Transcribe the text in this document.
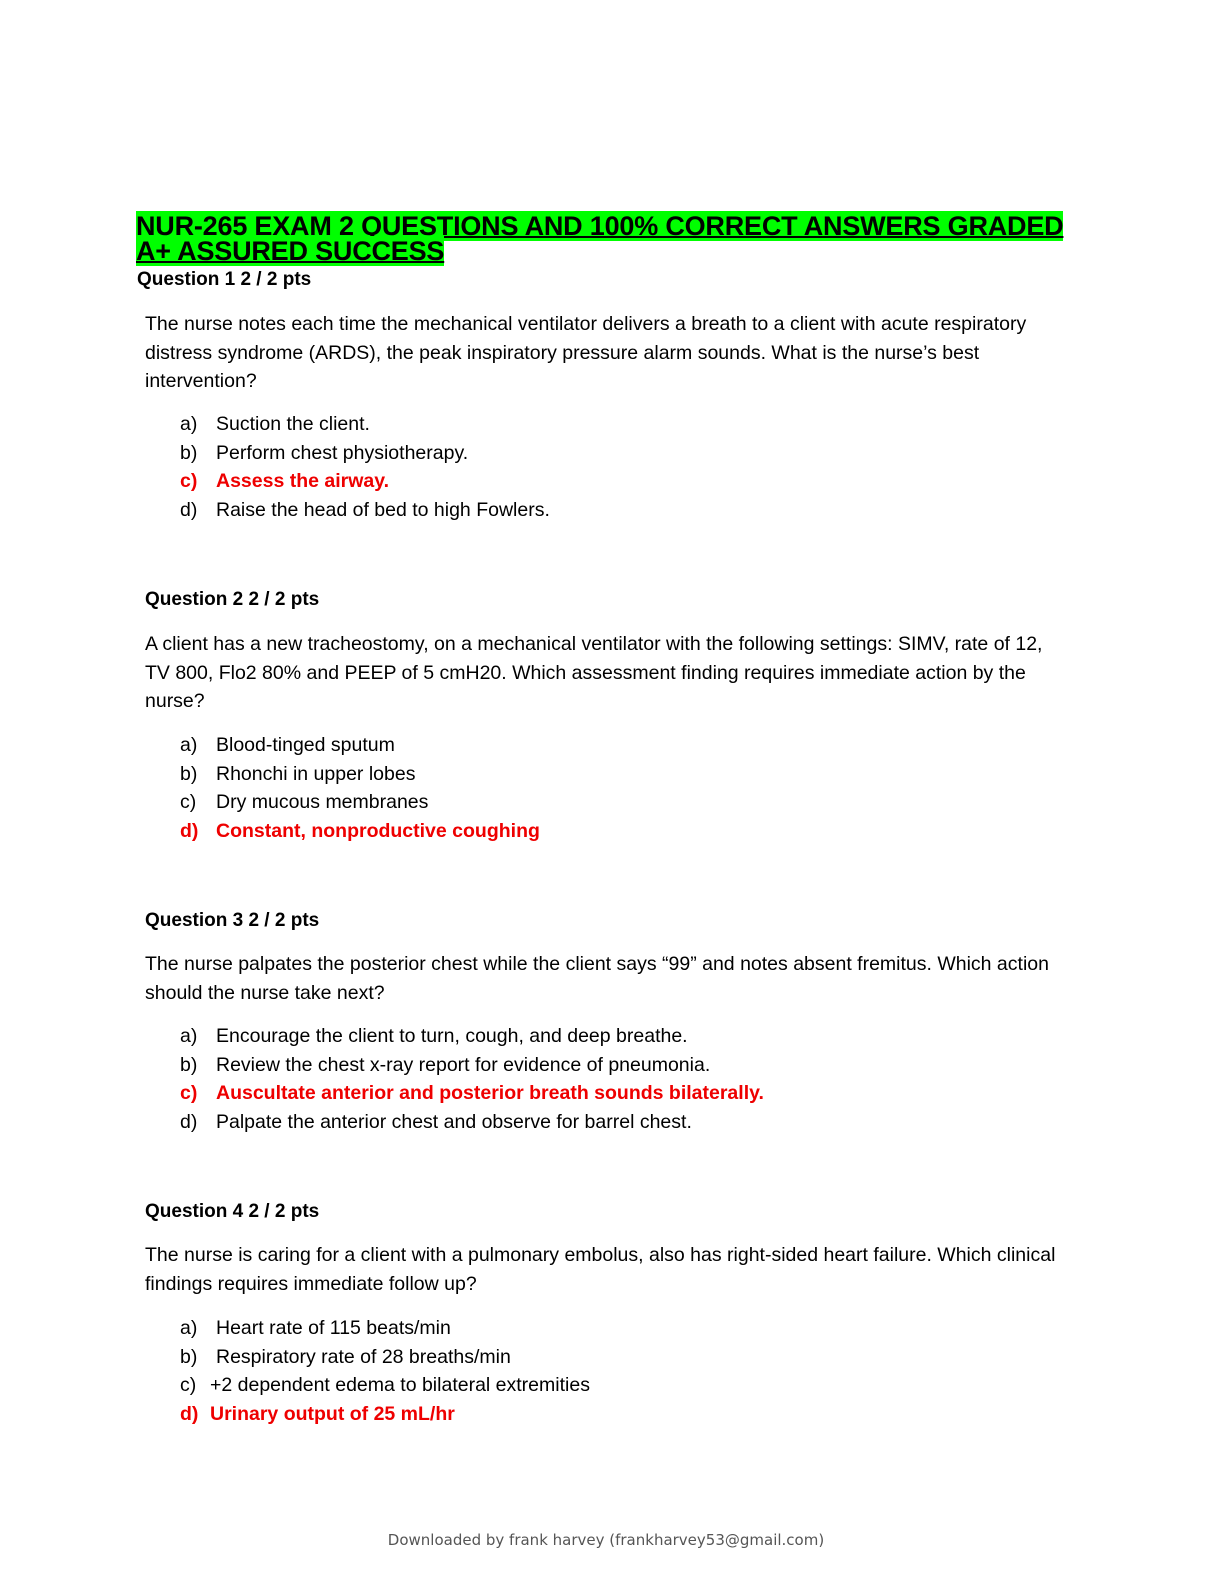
NUR-265 EXAM 2 QUESTIONS AND 100% CORRECT ANSWERS GRADED A+ ASSURED SUCCESS
Question 1 2 / 2 pts

The nurse notes each time the mechanical ventilator delivers a breath to a client with acute respiratory distress syndrome (ARDS), the peak inspiratory pressure alarm sounds. What is the nurse’s best intervention?

a) Suction the client.
b) Perform chest physiotherapy.
c) Assess the airway.
d) Raise the head of bed to high Fowlers.
Question 2 2 / 2 pts

A client has a new tracheostomy, on a mechanical ventilator with the following settings: SIMV, rate of 12, TV 800, Flo2 80% and PEEP of 5 cmH20. Which assessment finding requires immediate action by the nurse?

a) Blood-tinged sputum
b) Rhonchi in upper lobes
c)	Dry mucous membranes
d) Constant, nonproductive coughing
Question 3 2 / 2 pts

The nurse palpates the posterior chest while the client says “99” and notes absent fremitus. Which action should the nurse take next?

a) Encourage the client to turn, cough, and deep breathe.
b) Review the chest x-ray report for evidence of pneumonia.
c) Auscultate anterior and posterior breath sounds bilaterally.
d) Palpate the anterior chest and observe for barrel chest.
Question 4 2 / 2 pts

The nurse is caring for a client with a pulmonary embolus, also has right-sided heart failure. Which clinical findings requires immediate follow up?

a) Heart rate of 115 beats/min
b) Respiratory rate of 28 breaths/min
c) +2 dependent edema to bilateral extremities
d) Urinary output of 25 mL/hr
Downloaded by frank harvey (frankharvey53@gmail.com)
